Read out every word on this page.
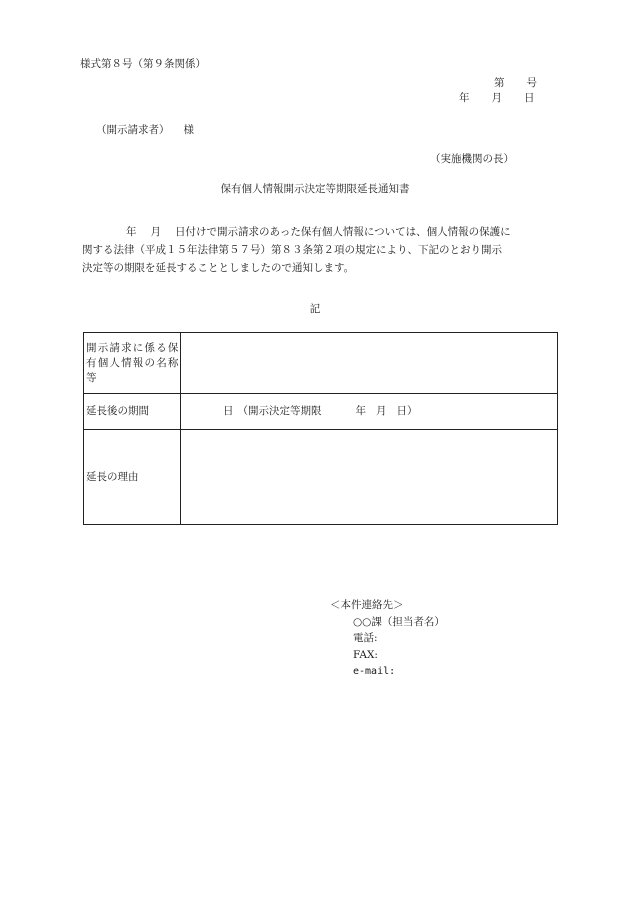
様式第８号（第９条関係）
第 号
年 月 日
（開示請求者） 様
（実施機関の長）
保有個人情報開示決定等期限延長通知書
年 月 日付けで開示請求のあった保有個人情報については、個人情報の保護に
関する法律（平成１５年法律第５７号）第８３条第２項の規定により、下記のとおり開示
決定等の期限を延長することとしましたので通知します。
記
開示請求に係る保有個人情報の名称等	
延長後の期間	日 （開示決定等期限 年 月 日）
延長の理由	
＜本件連絡先＞
○○課（担当者名）
電話:
FAX:
e-mail:
